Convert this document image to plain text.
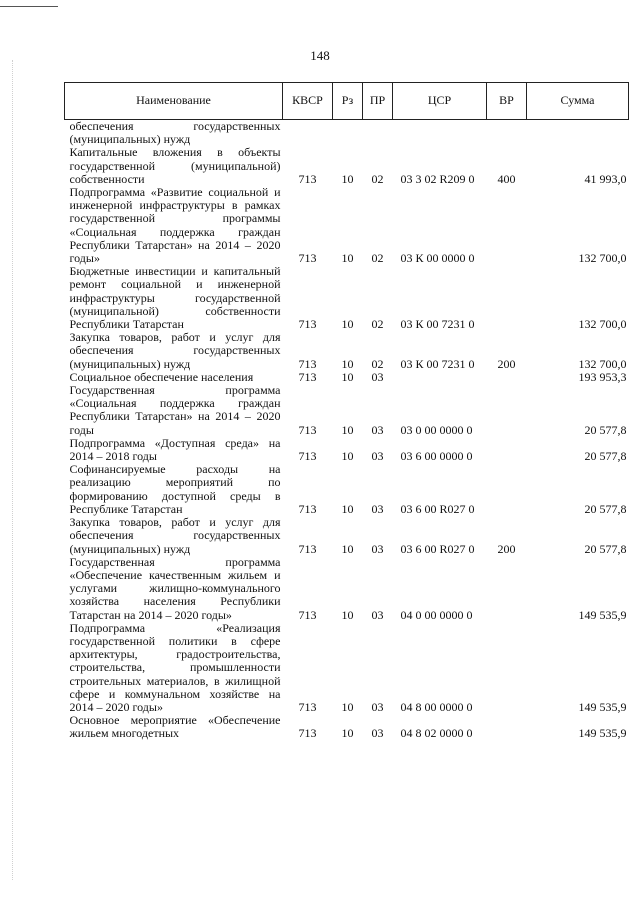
148
Наименование	КВСР	Рз	ПР	ЦСР	ВР	Сумма

обеспечения государственных (муниципальных) нужд						

Капитальные вложения в объекты государственной (муниципальной) собственности	713	10	02	03 3 02 R209 0	400	41 993,0

Подпрограмма «Развитие социальной и инженерной инфраструктуры в рамках государственной программы «Социальная поддержка граждан Республики Татарстан» на 2014 – 2020 годы»	713	10	02	03 К 00 0000 0		132 700,0

Бюджетные инвестиции и капитальный ремонт социальной и инженерной инфраструктуры государственной (муниципальной) собственности Республики Татарстан	713	10	02	03 К 00 7231 0		132 700,0

Закупка товаров, работ и услуг для обеспечения государственных (муниципальных) нужд	713	10	02	03 К 00 7231 0	200	132 700,0

Социальное обеспечение населения	713	10	03			193 953,3

Государственная программа «Социальная поддержка граждан Республики Татарстан» на 2014 – 2020 годы	713	10	03	03 0 00 0000 0		20 577,8

Подпрограмма «Доступная среда» на 2014 – 2018 годы	713	10	03	03 6 00 0000 0		20 577,8

Софинансируемые расходы на реализацию мероприятий по формированию доступной среды в Республике Татарстан	713	10	03	03 6 00 R027 0		20 577,8

Закупка товаров, работ и услуг для обеспечения государственных (муниципальных) нужд	713	10	03	03 6 00 R027 0	200	20 577,8

Государственная программа «Обеспечение качественным жильем и услугами жилищно-коммунального хозяйства населения Республики Татарстан на 2014 – 2020 годы»	713	10	03	04 0 00 0000 0		149 535,9

Подпрограмма «Реализация государственной политики в сфере архитектуры, градостроительства, строительства, промышленности строительных материалов, в жилищной сфере и коммунальном хозяйстве на 2014 – 2020 годы»	713	10	03	04 8 00 0000 0		149 535,9

Основное мероприятие «Обеспечение жильем многодетных	713	10	03	04 8 02 0000 0		149 535,9
